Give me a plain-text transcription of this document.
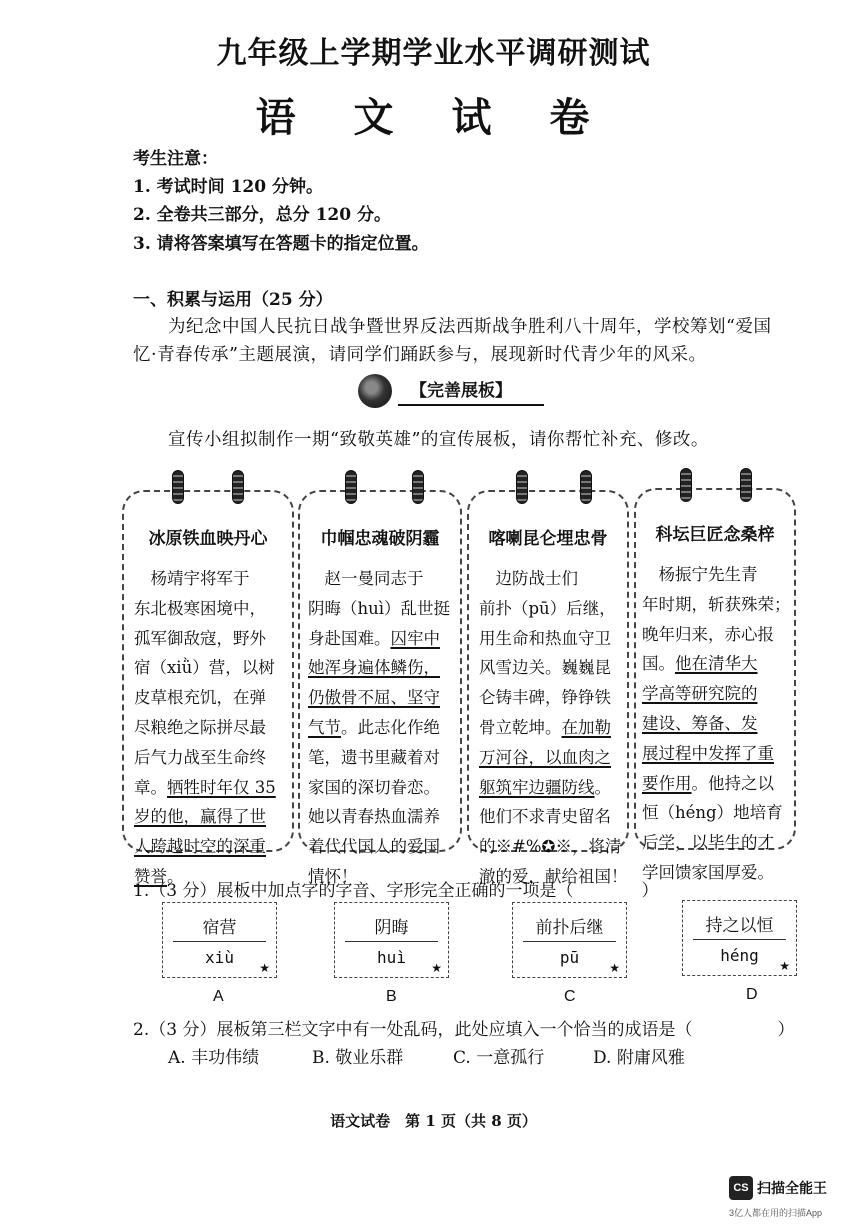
九年级上学期学业水平调研测试
语 文 试 卷
考生注意：
1. 考试时间 120 分钟。
2. 全卷共三部分，总分 120 分。
3. 请将答案填写在答题卡的指定位置。
一、积累与运用（25 分）
为纪念中国人民抗日战争暨世界反法西斯战争胜利八十周年，学校筹划“爱国
忆·青春传承”主题展演，请同学们踊跃参与，展现新时代青少年的风采。
【完善展板】
宣传小组拟制作一期“致敬英雄”的宣传展板，请你帮忙补充、修改。
冰原铁血映丹心
　杨靖宇将军于
东北极寒困境中，
孤军御敌寇，野外
宿（xiǜ）营，以树
皮草根充饥，在弹
尽粮绝之际拼尽最
后气力战至生命终
章。牺牲时年仅 35
岁的他，赢得了世
人跨越时空的深重
赞誉。
巾帼忠魂破阴霾
　赵一曼同志于
阴晦（huì）乱世挺
身赴国难。囚牢中
她浑身遍体鳞伤，
仍傲骨不屈、坚守
气节。此志化作绝
笔，遗书里藏着对
家国的深切眷恋。
她以青春热血濡养
着代代国人的爱国
情怀！
喀喇昆仑埋忠骨
　边防战士们
前扑（pū）后继，
用生命和热血守卫
风雪边关。巍巍昆
仑铸丰碑，铮铮铁
骨立乾坤。在加勒
万河谷，以血肉之
躯筑牢边疆防线。
他们不求青史留名
的※#%✪※，将清
澈的爱，献给祖国！
科坛巨匠念桑梓
　杨振宁先生青
年时期，斩获殊荣；
晚年归来，赤心报
国。他在清华大
学高等研究院的
建设、筹备、发
展过程中发挥了重
要作用。他持之以
恒（héng）地培育
后学，以毕生的才
学回馈家国厚爱。
1.（3 分）展板中加点字的字音、字形完全正确的一项是（　　　　）
宿营
xiù
★
A
阴晦
huì
★
B
前扑后继
pū
★
C
持之以恒
héng
★
D
2.（3 分）展板第三栏文字中有一处乱码，此处应填入一个恰当的成语是（　　　　　）
A. 丰功伟绩	B. 敬业乐群	C. 一意孤行	D. 附庸风雅
语文试卷　第 1 页（共 8 页）
CS 扫描全能王
3亿人都在用的扫描App
